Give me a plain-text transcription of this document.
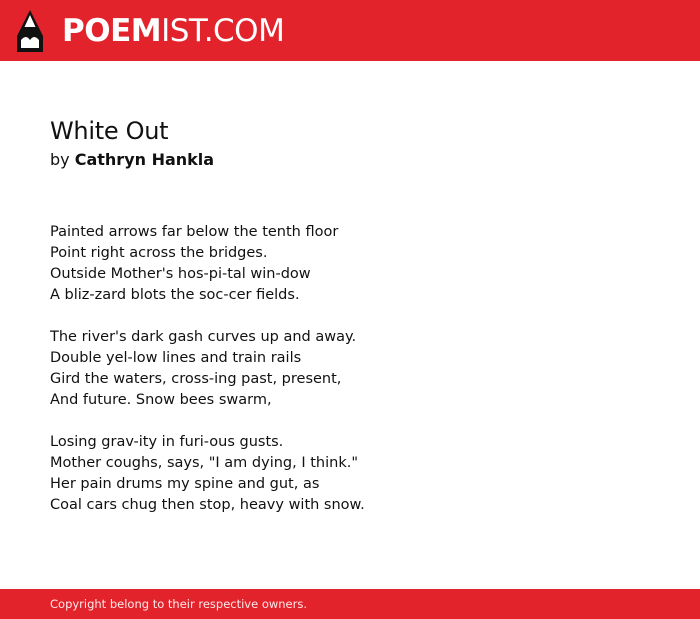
POEMIST.COM
White Out
by Cathryn Hankla
Painted arrows far below the tenth floor
Point right across the bridges.
Outside Mother's hos-pi-tal win-dow
A bliz-zard blots the soc-cer fields.
The river's dark gash curves up and away.
Double yel-low lines and train rails
Gird the waters, cross-ing past, present,
And future. Snow bees swarm,
Losing grav-ity in furi-ous gusts.
Mother coughs, says, "I am dying, I think."
Her pain drums my spine and gut, as
Coal cars chug then stop, heavy with snow.
Copyright belong to their respective owners.
